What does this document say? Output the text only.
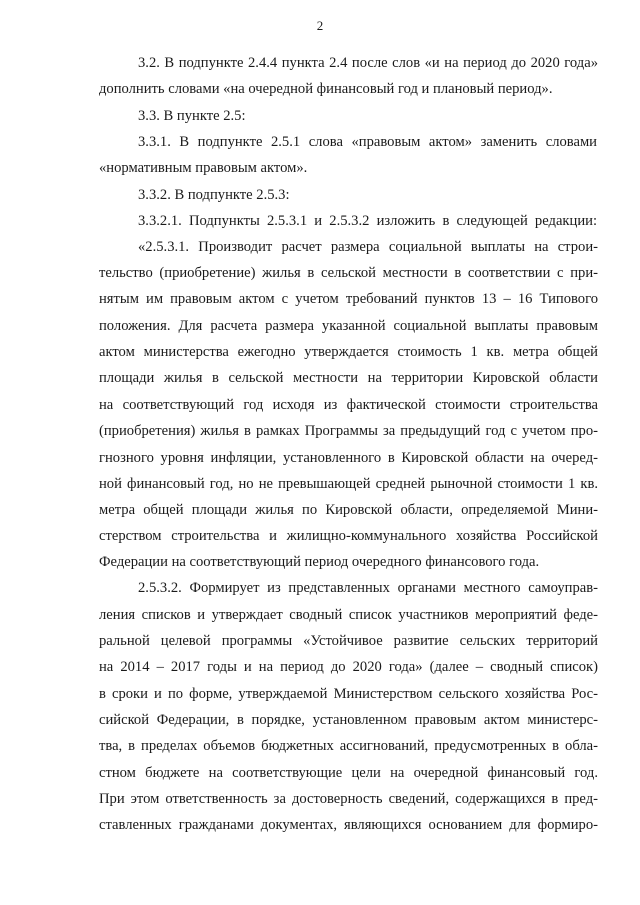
2
3.2. В подпункте 2.4.4 пункта 2.4 после слов «и на период до 2020 года»
дополнить словами «на очередной финансовый год и плановый период».
3.3. В пункте 2.5:
3.3.1. В подпункте 2.5.1 слова «правовым актом» заменить словами
«нормативным правовым актом».
3.3.2. В подпункте 2.5.3:
3.3.2.1. Подпункты 2.5.3.1 и 2.5.3.2 изложить в следующей редакции:
«2.5.3.1. Производит расчет размера социальной выплаты на строи-
тельство (приобретение) жилья в сельской местности в соответствии с при-
нятым им правовым актом с учетом требований пунктов 13 – 16 Типового
положения. Для расчета размера указанной социальной выплаты правовым
актом министерства ежегодно утверждается стоимость 1 кв. метра общей
площади жилья в сельской местности на территории Кировской области
на соответствующий год исходя из фактической стоимости строительства
(приобретения) жилья в рамках Программы за предыдущий год с учетом про-
гнозного уровня инфляции, установленного в Кировской области на очеред-
ной финансовый год, но не превышающей средней рыночной стоимости 1 кв.
метра общей площади жилья по Кировской области, определяемой Мини-
стерством строительства и жилищно-коммунального хозяйства Российской
Федерации на соответствующий период очередного финансового года.
2.5.3.2. Формирует из представленных органами местного самоуправ-
ления списков и утверждает сводный список участников мероприятий феде-
ральной целевой программы «Устойчивое развитие сельских территорий
на 2014 – 2017 годы и на период до 2020 года» (далее – сводный список)
в сроки и по форме, утверждаемой Министерством сельского хозяйства Рос-
сийской Федерации, в порядке, установленном правовым актом министерс-
тва, в пределах объемов бюджетных ассигнований, предусмотренных в обла-
стном бюджете на соответствующие цели на очередной финансовый год.
При этом ответственность за достоверность сведений, содержащихся в пред-
ставленных гражданами документах, являющихся основанием для формиро-
